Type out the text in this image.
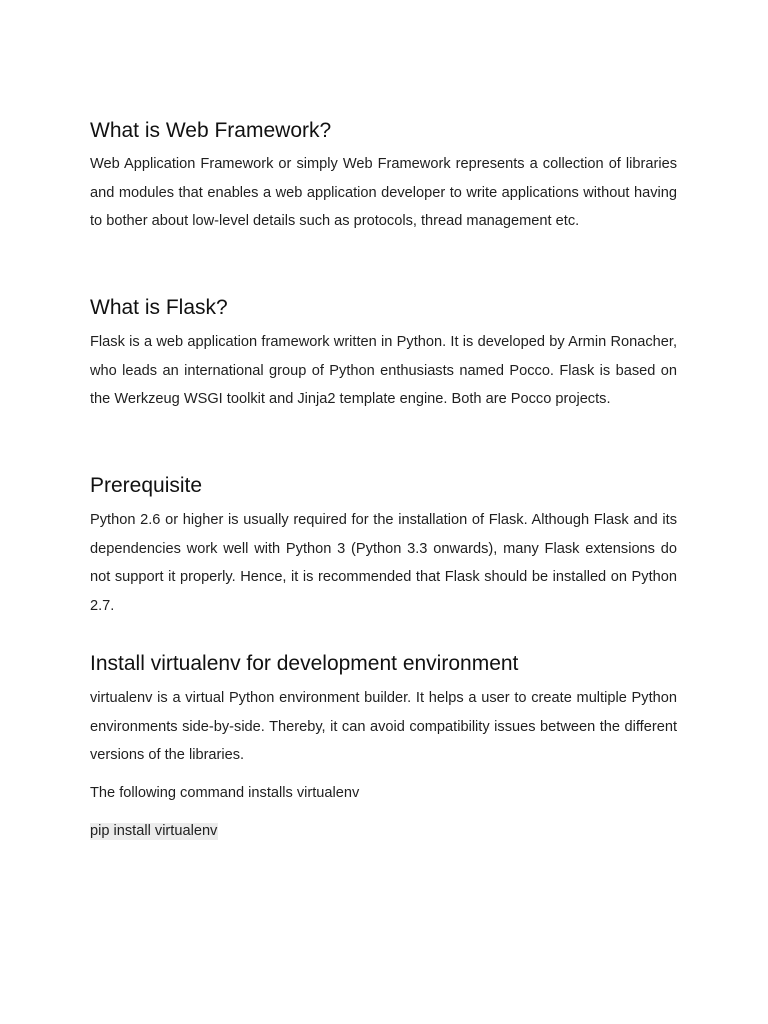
What is Web Framework?

Web Application Framework or simply Web Framework represents a collection of libraries and modules that enables a web application developer to write applications without having to bother about low-level details such as protocols, thread management etc.

What is Flask?

Flask is a web application framework written in Python. It is developed by Armin Ronacher, who leads an international group of Python enthusiasts named Pocco. Flask is based on the Werkzeug WSGI toolkit and Jinja2 template engine. Both are Pocco projects.

Prerequisite

Python 2.6 or higher is usually required for the installation of Flask. Although Flask and its dependencies work well with Python 3 (Python 3.3 onwards), many Flask extensions do not support it properly. Hence, it is recommended that Flask should be installed on Python 2.7.

Install virtualenv for development environment

virtualenv is a virtual Python environment builder. It helps a user to create multiple Python environments side-by-side. Thereby, it can avoid compatibility issues between the different versions of the libraries.

The following command installs virtualenv

pip install virtualenv
